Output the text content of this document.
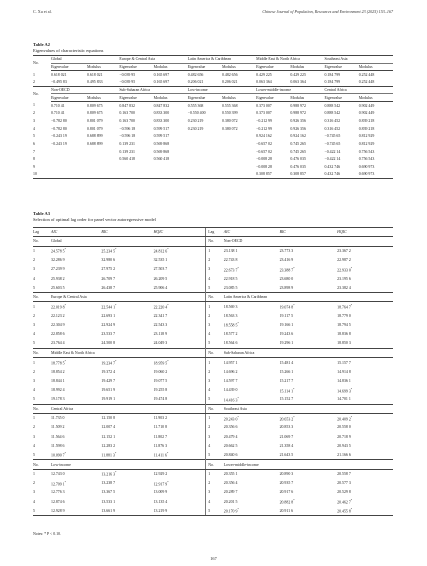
C. Xu et al.	Chinese Journal of Population, Resources and Environment 23 (2025) 153–167
Table A2
Eigenvalues of characteristic equations
No.	Global		Europe & Central Asia		Latin America & Caribbean		Middle East & North Africa		Southeast Asia	
	Eigenvalue	Modulus	Eigenvalue	Modulus	Eigenvalue	Modulus	Eigenvalue	Modulus	Eigenvalue	Modulus
1	0.618 021	0.618 021	−0.039 95	0.165 697	0.482 656	0.482 656	0.429 225	0.429 225	0.184 799	0.252 448
2	−0.495 83	0.495 833	−0.039 95	0.165 697	0.206 021	0.206 021	0.063 364	0.063 364	0.184 799	0.252 448
No.	Non-OECD		Sub-Saharan Africa		Low-income		Lower-middle-income		Central Africa	
	Eigenvalue	Modulus	Eigenvalue	Modulus	Eigenvalue	Modulus	Eigenvalue	Modulus	Eigenvalue	Modulus
1	0.710 41	0.809 675	0.847 832	0.847 832	0.555 368	0.555 368	0.373 007	0.988 972	0.888 542	0.902 449
2	0.710 41	0.809 675	0.163 700	0.833 300	−0.550 400	0.550 399	0.373 007	0.988 972	0.888 542	0.902 449
3	−0.782 80	0.801 079	0.163 700	0.833 300	0.230 219	0.380 072	−0.212 99	0.926 356	0.316 452	0.839 218
4	−0.782 80	0.801 079	−0.596 18	0.599 517	0.230 219	0.380 072	−0.212 99	0.926 356	0.316 452	0.839 218
5	−0.243 19	0.688 899	−0.596 18	0.599 517			0.924 162	0.924 162	−0.745 65	0.812 929
6	−0.243 19	0.688 899	0.139 231	0.569 868			−0.657 02	0.745 265	−0.745 65	0.812 929
7			0.139 231	0.569 868			−0.657 02	0.745 265	−0.422 14	0.756 543
8			0.560 418	0.560 418			−0.008 28	0.476 035	−0.422 14	0.756 543
9							−0.008 28	0.476 035	0.432 746	0.690 973
10							0.308 857	0.308 857	0.432 746	0.690 973
Table A3
Selection of optimal lag order for panel vector autoregressive model
Lag	AIC	BIC	HQIC	Lag	AIC	BIC	HQIC
No.	Global			No.	Non-OECD		
1	24.578 5*	25.234 5*	24.812 6*	1	23.138 1	23.773 3	23.367 2
2	32.286 9	32.980 6	32.535 1	2	22.743 8	23.416 9	22.987 2
3	27.239 9	27.975 2	27.503 7	3	22.673 7*	23.388 7*	22.933 0*
4	25.938 2	26.709 7	26.209 5	4	22.918 5	23.680 0	23.195 6
5	25.603 5	26.438 7	25.906 4	5	23.085 5	23.898 9	23.382 4
No.	Europe & Central Asia			No.	Latin America & Caribbean		
1	22.019 8*	22.544 1*	22.220 4*	1	18.569 3	19.074 8*	18.764 7*
2	22.123 2	22.693 1	22.341 7	2	18.563 3	19.117 5	18.779 0
3	22.304 9	22.924 9	22.543 3	3	18.558 5*	19.166 1	18.794 5
4	22.858 6	23.533 7	23.118 9	4	18.577 2	19.243 6	18.836 8
5	23.764 4	24.500 8	24.049 3	5	18.564 6	19.296 1	18.850 3
No.	Middle East & North Africa			No.	Sub-Saharan Africa		
1	18.778 5*	19.234 7*	18.959 5*	1	14.957 1	15.481 4	15.157 7
2	18.854 2	19.372 4	19.060 2	2	14.696 2	15.266 1	14.914 8
3	18.844 1	19.429 7	19.077 5	3	14.597 7	15.217 7	14.836 1
4	18.992 4	19.651 9	19.255 8	4	14.439 0	15.114 1*	14.699 3*
5	19.178 3	19.919 1	19.474 8	5	14.416 3*	15.152 7	14.701 1
No.	Central Africa			No.	Southeast Asia		
1	11.735 0	12.150 8	11.903 2	1	20.243 0*	20.653 2*	20.409 2*
2	11.509 2	12.007 4	11.710 8	2	20.356 6	20.853 3	20.558 0
3	11.564 6	12.152 1	11.802 7	3	20.479 4	21.069 7	20.718 9
4	11.598 6	12.283 2	11.876 3	4	20.662 5	21.358 4	20.943 5
5	10.090 7*	11.881 3*	11.411 6*	5	20.840 6	21.643 5	21.166 6
No.	Low-income			No.	Lower-middle-income		
1	12.743 0	13.216 3*	12.929 2	1	20.355 1	20.890 3	20.558 7
2	12.709 1*	13.238 7	12.917 9*	2	20.356 4	20.935 7	20.577 3
3	12.776 3	13.367 5	13.009 9	3	20.289 7	20.917 6	20.529 8
4	12.874 6	13.533 1	13.135 4	4	20.201 5	20.882 8*	20.462 7*
5	12.928 9	13.661 9	13.219 9	5	20.170 9*	20.911 6	20.455 8*
Notes: * P < 0.10.
167
